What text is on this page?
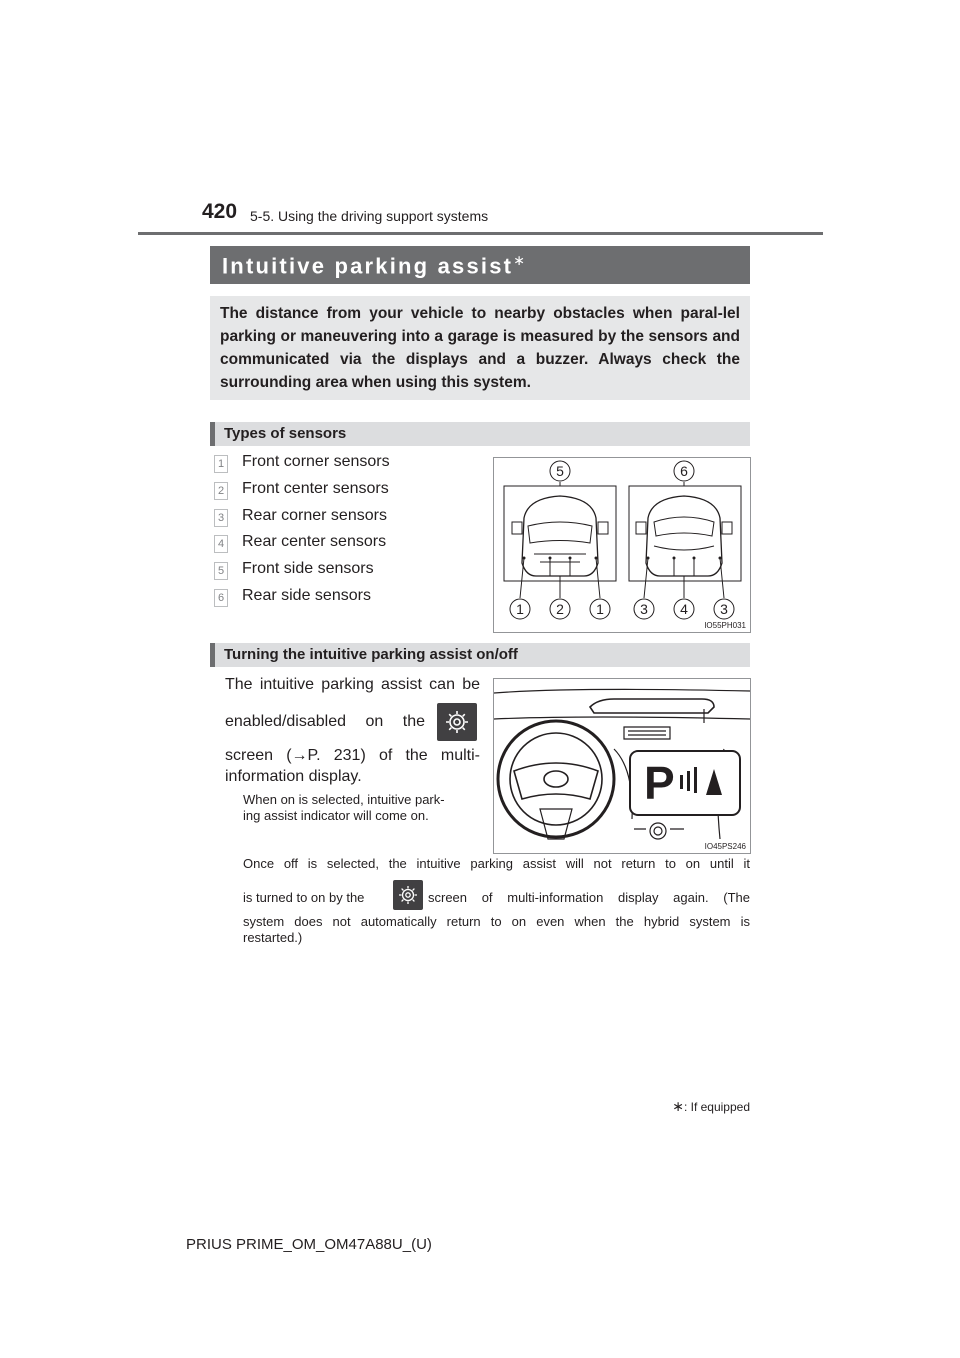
420 5-5. Using the driving support systems
Intuitive parking assist∗

The distance from your vehicle to nearby obstacles when paral-lel parking or maneuvering into a garage is measured by the sensors and communicated via the displays and a buzzer. Always check the surrounding area when using this system.

Types of sensors
1 Front corner sensors
2 Front center sensors
3 Rear corner sensors
4 Rear center sensors
5 Front side sensors
6 Rear side sensors
5	6
1 2 1	3 4 3
IO55PH031
Turning the intuitive parking assist on/off
The intuitive parking assist can be
enabled/disabled on the
screen (→P. 231) of the multi-
information display.
When on is selected, intuitive park-
ing assist indicator will come on.
P
IO45PS246
Once off is selected, the intuitive parking assist will not return to on until it
is turned to on by the	screen of multi-information display again. (The
system does not automatically return to on even when the hybrid system is
restarted.)
∗: If equipped
PRIUS PRIME_OM_OM47A88U_(U)
